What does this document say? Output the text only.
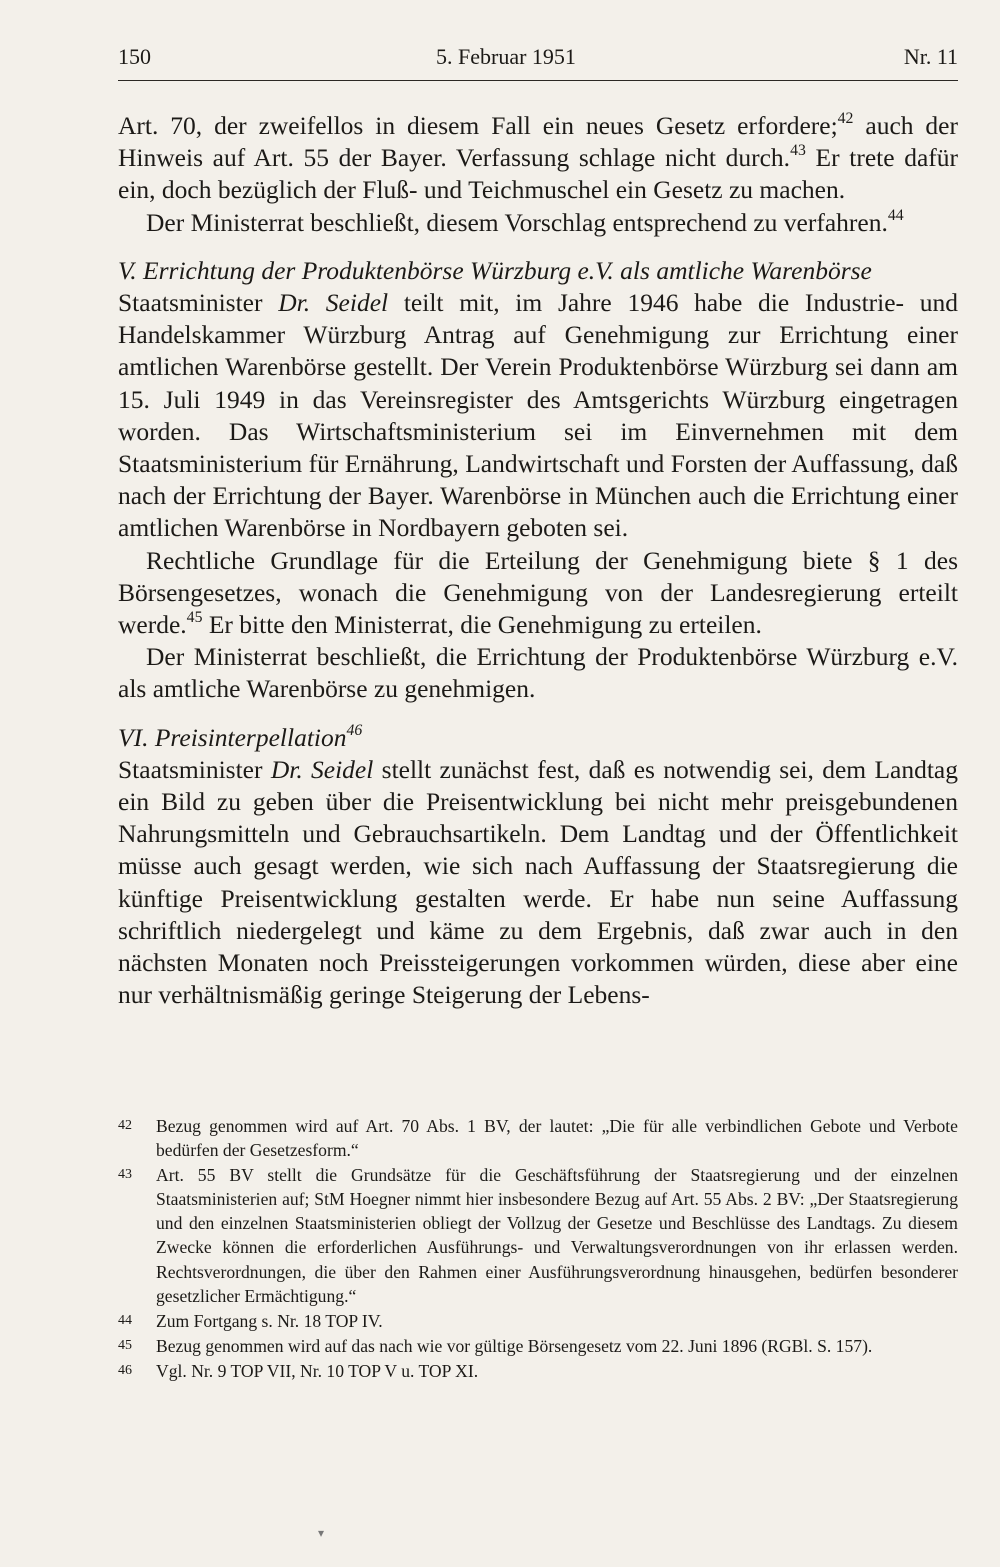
150	5. Februar 1951	Nr. 11

Art. 70, der zweifellos in diesem Fall ein neues Gesetz erfordere;$^{42}$ auch der Hinweis auf Art. 55 der Bayer. Verfassung schlage nicht durch.$^{43}$ Er trete dafür ein, doch bezüglich der Fluß- und Teichmuschel ein Gesetz zu machen.

Der Ministerrat beschließt, diesem Vorschlag entsprechend zu verfahren.$^{44}$

V. Errichtung der Produktenbörse Würzburg e.V. als amtliche Warenbörse

Staatsminister Dr. Seidel teilt mit, im Jahre 1946 habe die Industrie- und Handelskammer Würzburg Antrag auf Genehmigung zur Errichtung einer amtlichen Warenbörse gestellt. Der Verein Produktenbörse Würzburg sei dann am 15. Juli 1949 in das Vereinsregister des Amtsgerichts Würzburg eingetragen worden. Das Wirtschaftsministerium sei im Einvernehmen mit dem Staatsministerium für Ernährung, Landwirtschaft und Forsten der Auffassung, daß nach der Errichtung der Bayer. Warenbörse in München auch die Errichtung einer amtlichen Warenbörse in Nordbayern geboten sei.

Rechtliche Grundlage für die Erteilung der Genehmigung biete § 1 des Börsengesetzes, wonach die Genehmigung von der Landesregierung erteilt werde.$^{45}$ Er bitte den Ministerrat, die Genehmigung zu erteilen.

Der Ministerrat beschließt, die Errichtung der Produktenbörse Würzburg e.V. als amtliche Warenbörse zu genehmigen.

VI. Preisinterpellation$^{46}$

Staatsminister Dr. Seidel stellt zunächst fest, daß es notwendig sei, dem Landtag ein Bild zu geben über die Preisentwicklung bei nicht mehr preisgebundenen Nahrungsmitteln und Gebrauchsartikeln. Dem Landtag und der Öffentlichkeit müsse auch gesagt werden, wie sich nach Auffassung der Staatsregierung die künftige Preisentwicklung gestalten werde. Er habe nun seine Auffassung schriftlich niedergelegt und käme zu dem Ergebnis, daß zwar auch in den nächsten Monaten noch Preissteigerungen vorkommen würden, diese aber eine nur verhältnismäßig geringe Steigerung der Lebens-

42 Bezug genommen wird auf Art. 70 Abs. 1 BV, der lautet: „Die für alle verbindlichen Gebote und Verbote bedürfen der Gesetzesform.“
43 Art. 55 BV stellt die Grundsätze für die Geschäftsführung der Staatsregierung und der einzelnen Staatsministerien auf; StM Hoegner nimmt hier insbesondere Bezug auf Art. 55 Abs. 2 BV: „Der Staatsregierung und den einzelnen Staatsministerien obliegt der Vollzug der Gesetze und Beschlüsse des Landtags. Zu diesem Zwecke können die erforderlichen Ausführungs- und Verwaltungsverordnungen von ihr erlassen werden. Rechtsverordnungen, die über den Rahmen einer Ausführungsverordnung hinausgehen, bedürfen besonderer gesetzlicher Ermächtigung.“
44 Zum Fortgang s. Nr. 18 TOP IV.
45 Bezug genommen wird auf das nach wie vor gültige Börsengesetz vom 22. Juni 1896 (RGBl. S. 157).
46 Vgl. Nr. 9 TOP VII, Nr. 10 TOP V u. TOP XI.
▾
